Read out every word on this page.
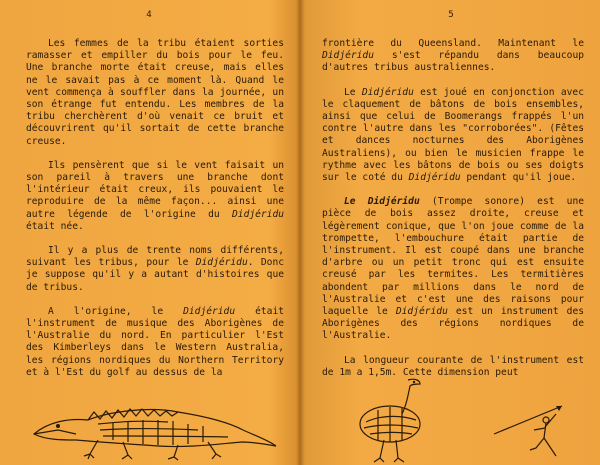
4

Les femmes de la tribu étaient sorties ramasser et empiller du bois pour le feu. Une branche morte était creuse, mais elles ne le savait pas à ce moment là. Quand le vent commença à souffler dans la journée, un son étrange fut entendu. Les membres de la tribu cherchèrent d'où venait ce bruit et découvrirent qu'il sortait de cette branche creuse.

Ils pensèrent que si le vent faisait un son pareil à travers une branche dont l'intérieur était creux, ils pouvaient le reproduire de la même façon... ainsi une autre légende de l'origine du Didjéridu était née.

Il y a plus de trente noms différents, suivant les tribus, pour le Didjéridu. Donc je suppose qu'il y a autant d'histoires que de tribus.

A l'origine, le Didjéridu était l'instrument de musique des Aborigènes de l'Australie du nord. En particulier l'Est des Kimberleys dans le Western Australia, les régions nordiques du Northern Territory et à l'Est du golf au dessus de la

5

frontière du Queensland. Maintenant le Didjéridu s'est répandu dans beaucoup d'autres tribus australiennes.

Le Didjéridu est joué en conjonction avec le claquement de bâtons de bois ensembles, ainsi que celui de Boomerangs frappés l'un contre l'autre dans les "corroborées". (Fêtes et dances nocturnes des Aborigènes Australiens), ou bien le musicien frappe le rythme avec les bâtons de bois ou ses doigts sur le coté du Didjéridu pendant qu'il joue.

Le Didjéridu (Trompe sonore) est une pièce de bois assez droite, creuse et légèrement conique, que l'on joue comme de la trompette, l'embouchure était partie de l'instrument. Il est coupé dans une branche d'arbre ou un petit tronc qui est ensuite creusé par les termites. Les termitières abondent par millions dans le nord de l'Australie et c'est une des raisons pour laquelle le Didjéridu est un instrument des Aborigènes des régions nordiques de l'Australie.

La longueur courante de l'instrument est de 1m a 1,5m. Cette dimension peut
